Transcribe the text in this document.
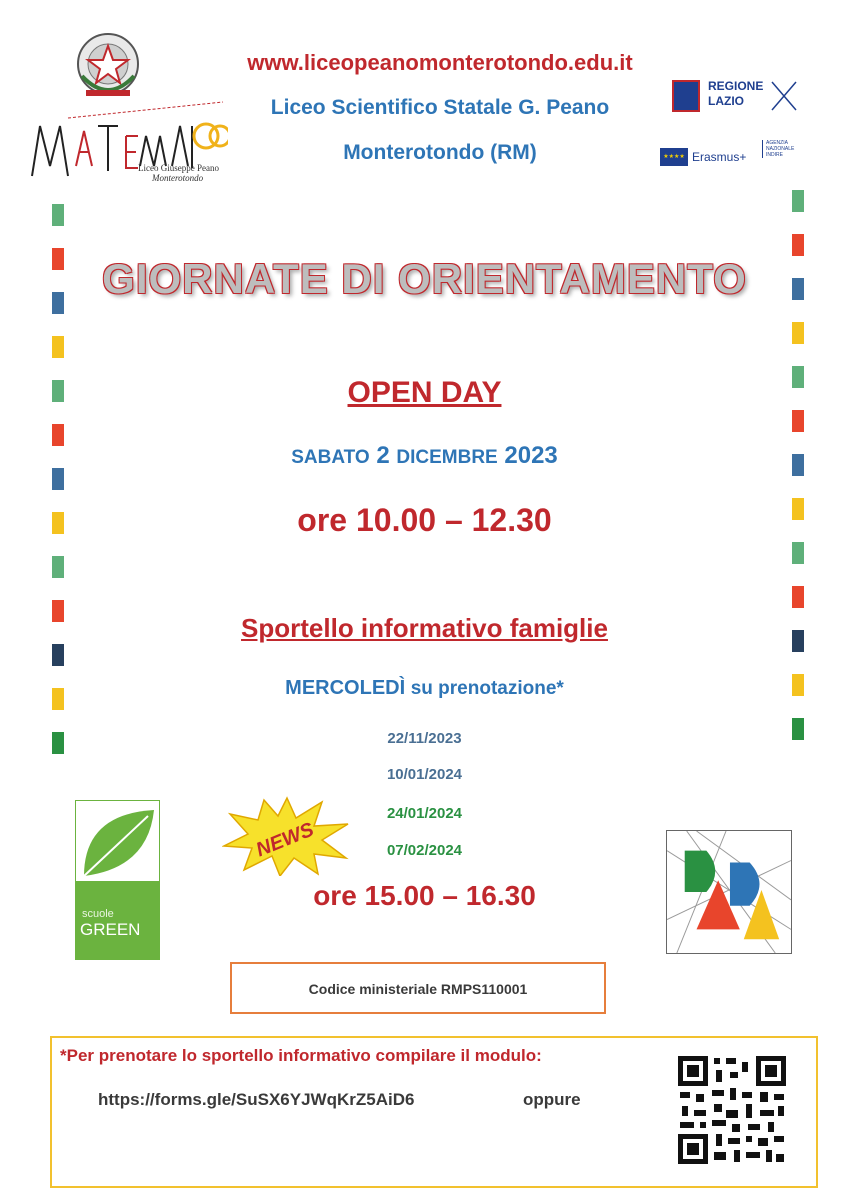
www.liceopeanomonterotondo.edu.it
Liceo Scientifico Statale G. Peano
Monterotondo (RM)
Liceo Giuseppe Peano
Monterotondo
REGIONE
LAZIO
★★★★ Erasmus+
AGENZIA NAZIONALE INDIRE
GIORNATE DI ORIENTAMENTO
OPEN DAY
SABATO 2 DICEMBRE 2023
ore 10.00 – 12.30
Sportello informativo famiglie
MERCOLEDÌ su prenotazione*
22/11/2023
10/01/2024
24/01/2024
07/02/2024
ore 15.00 – 16.30
NEWS
scuole
GREEN
Codice ministeriale RMPS110001
*Per prenotare lo sportello informativo compilare il modulo:
https://forms.gle/SuSX6YJWqKrZ5AiD6	oppure
